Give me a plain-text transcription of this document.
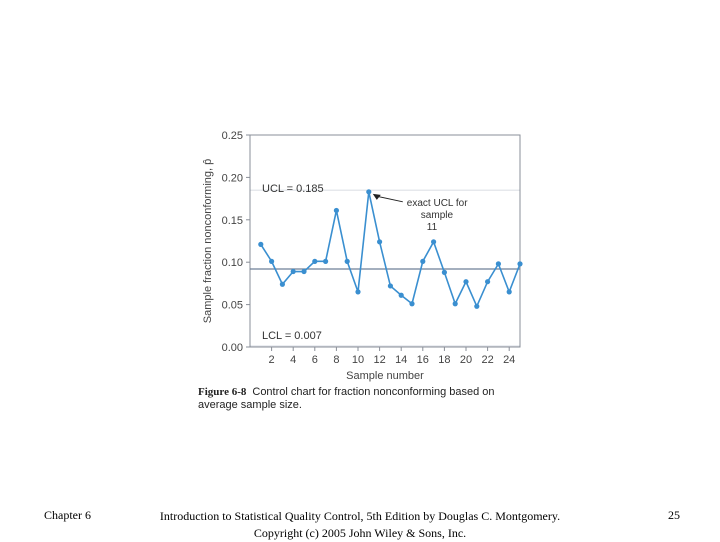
0.00
0.05
0.10
0.15
0.20
0.25
2 4 6 8 10 12 14 16 18 20 22 24
Sample number
Sample fraction nonconforming, p̂	UCL = 0.185
LCL = 0.007
exact UCL for
sample
11
Figure 6-8 Control chart for fraction nonconforming based on average sample size.
Chapter 6	Introduction to Statistical Quality Control, 5th Edition by Douglas C. Montgomery.
Copyright (c) 2005 John Wiley & Sons, Inc.
25
